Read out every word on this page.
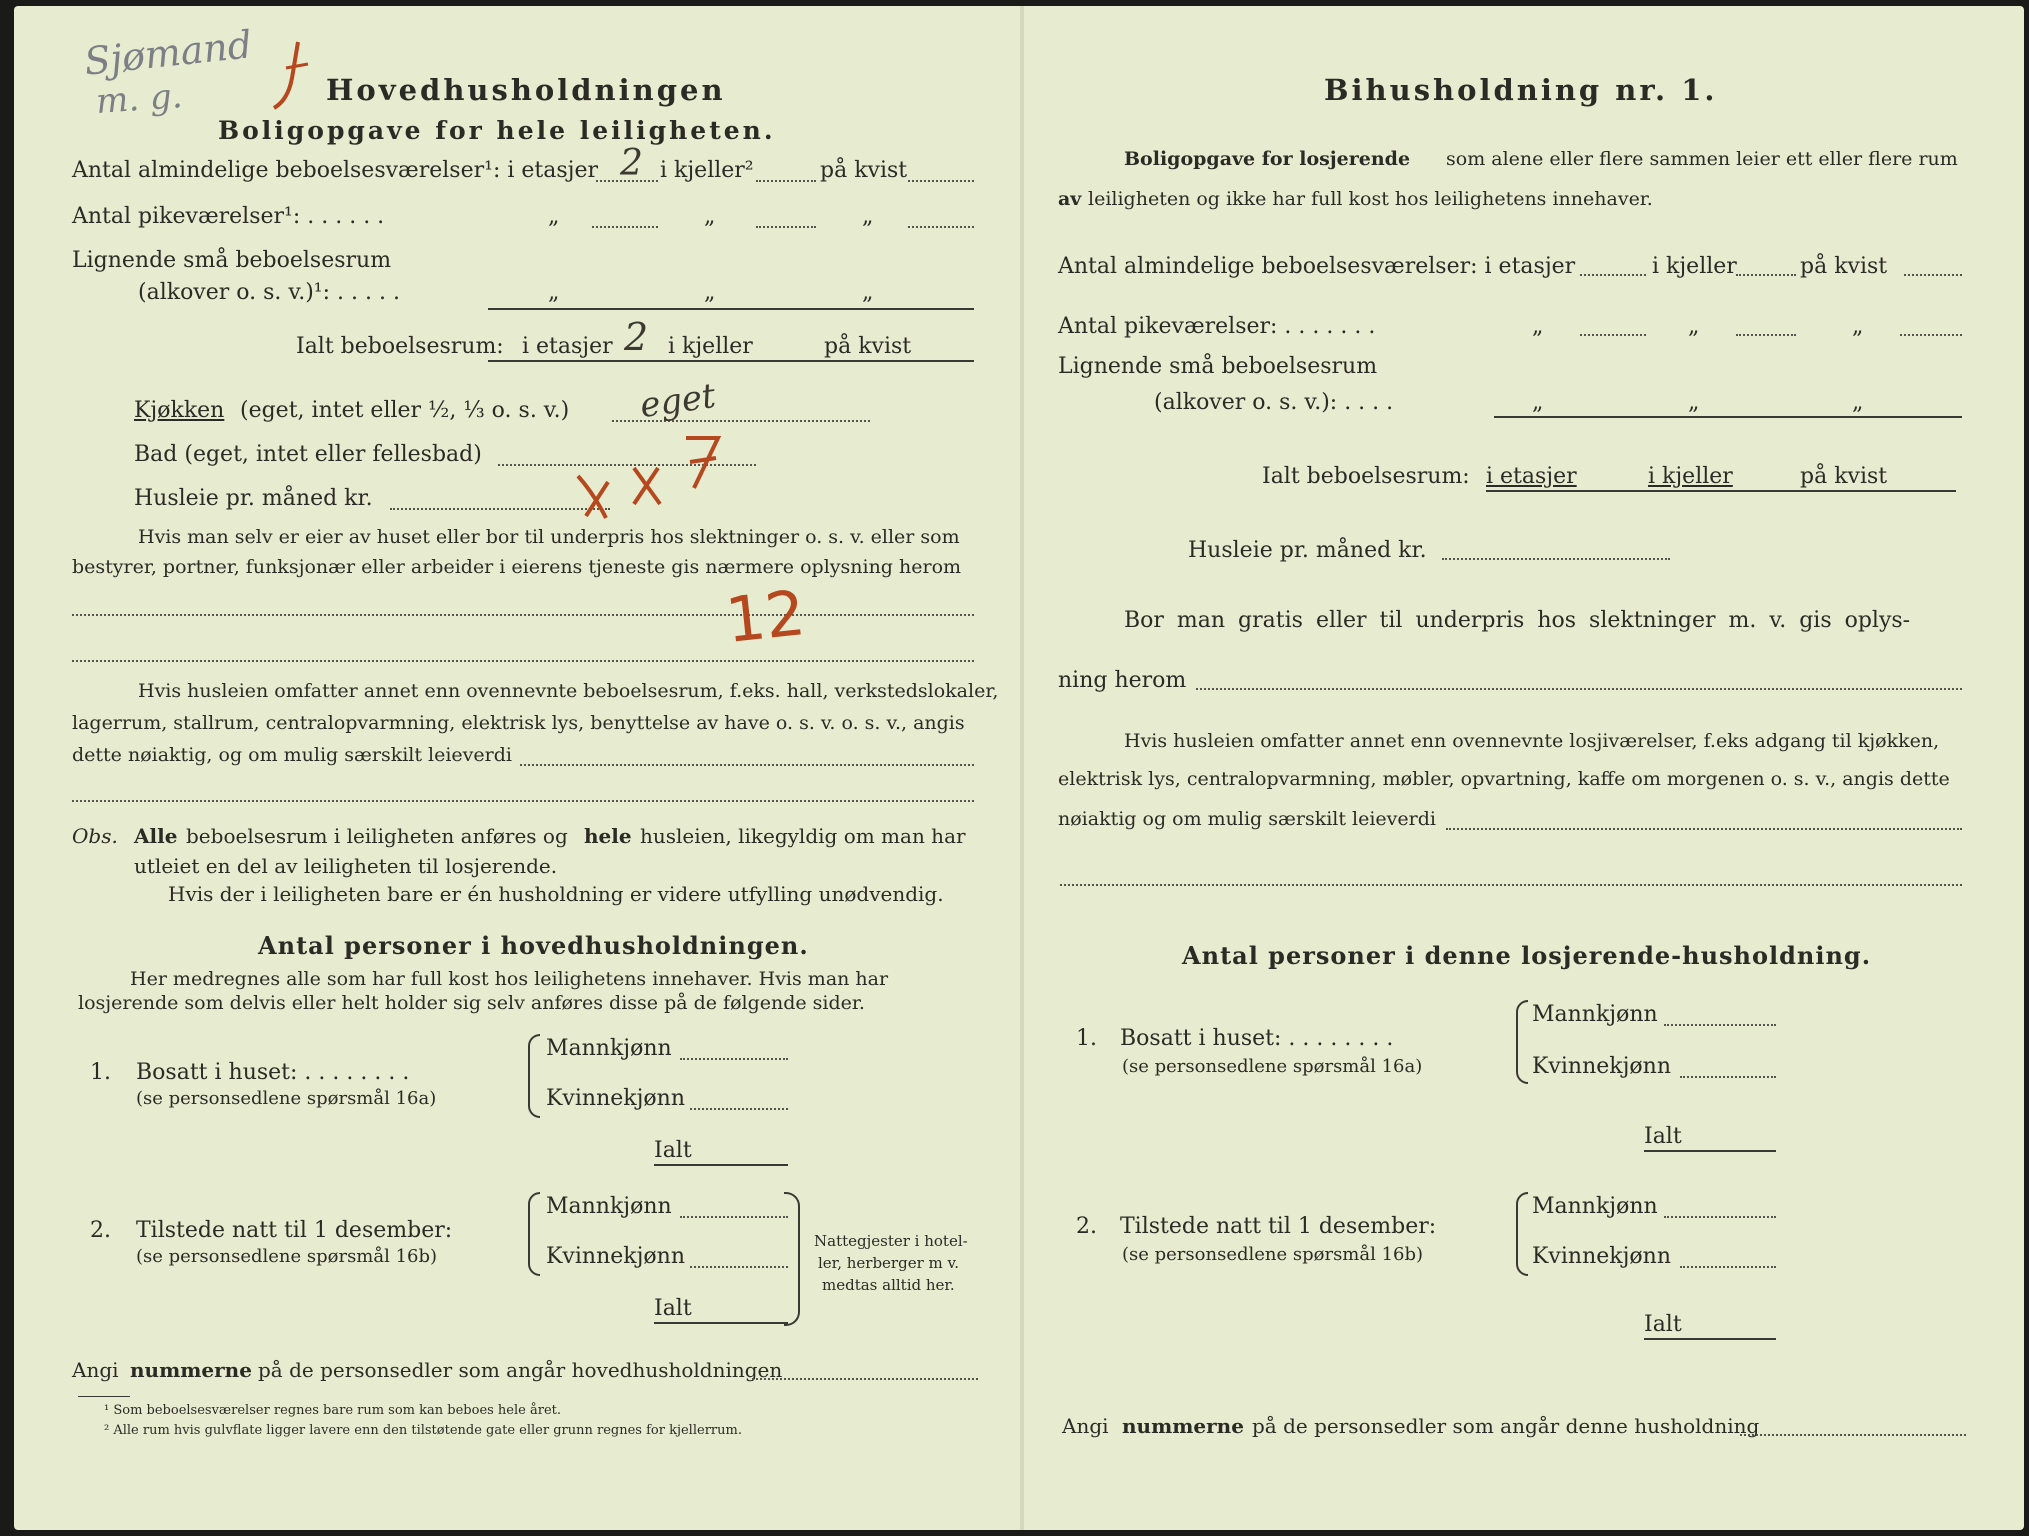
Sjømand
m. g.	Hovedhusholdningen
Boligopgave for hele leiligheten.
Antal almindelige beboelsesværelser¹: i etasjer 2 i kjeller²	på kvist
Antal pikeværelser¹: . . . . . .	„	„	„
Lignende små beboelsesrum
(alkover o. s. v.)¹: . . . . .	„	„	„
Ialt beboelsesrum: i etasjer 2 i kjeller	på kvist
Kjøkken (eget, intet eller ½, ⅓ o. s. v.) eget
Bad (eget, intet eller fellesbad)
Husleie pr. måned kr.
Hvis man selv er eier av huset eller bor til underpris hos slektninger o. s. v. eller som
bestyrer, portner, funksjonær eller arbeider i eierens tjeneste gis nærmere oplysning herom
12
Hvis husleien omfatter annet enn ovennevnte beboelsesrum, f.eks. hall, verkstedslokaler,
lagerrum, stallrum, centralopvarmning, elektrisk lys, benyttelse av have o. s. v. o. s. v., angis
dette nøiaktig, og om mulig særskilt leieverdi
Obs. Alle beboelsesrum i leiligheten anføres og hele husleien, likegyldig om man har
utleiet en del av leiligheten til losjerende.
Hvis der i leiligheten bare er én husholdning er videre utfylling unødvendig.
Antal personer i hovedhusholdningen.
Her medregnes alle som har full kost hos leilighetens innehaver. Hvis man har
losjerende som delvis eller helt holder sig selv anføres disse på de følgende sider.
1. Bosatt i huset: . . . . . . . .
(se personsedlene spørsmål 16a)
Mannkjønn
Kvinnekjønn
Ialt
2. Tilstede natt til 1 desember:
(se personsedlene spørsmål 16b)
Mannkjønn
Kvinnekjønn
Ialt
Nattegjester i hotel-
ler, herberger m v.
medtas alltid her.
Angi nummerne på de personsedler som angår hovedhusholdningen
¹ Som beboelsesværelser regnes bare rum som kan beboes hele året.
² Alle rum hvis gulvflate ligger lavere enn den tilstøtende gate eller grunn regnes for kjellerrum.
Bihusholdning nr. 1.
Boligopgave for losjerende som alene eller flere sammen leier ett eller flere rum
av leiligheten og ikke har full kost hos leilighetens innehaver.
Antal almindelige beboelsesværelser: i etasjer	i kjeller	på kvist
Antal pikeværelser: . . . . . . .	„	„	„
Lignende små beboelsesrum
(alkover o. s. v.): . . . .	„	„	„
Ialt beboelsesrum: i etasjer	i kjeller	på kvist
Husleie pr. måned kr.
Bor man gratis eller til underpris hos slektninger m. v. gis oplys-
ning herom
Hvis husleien omfatter annet enn ovennevnte losjiværelser, f.eks adgang til kjøkken,
elektrisk lys, centralopvarmning, møbler, opvartning, kaffe om morgenen o. s. v., angis dette
nøiaktig og om mulig særskilt leieverdi
Antal personer i denne losjerende-husholdning.
1. Bosatt i huset: . . . . . . . .
(se personsedlene spørsmål 16a)
Mannkjønn
Kvinnekjønn
Ialt
2. Tilstede natt til 1 desember:
(se personsedlene spørsmål 16b)
Mannkjønn
Kvinnekjønn
Ialt
Angi nummerne på de personsedler som angår denne husholdning
